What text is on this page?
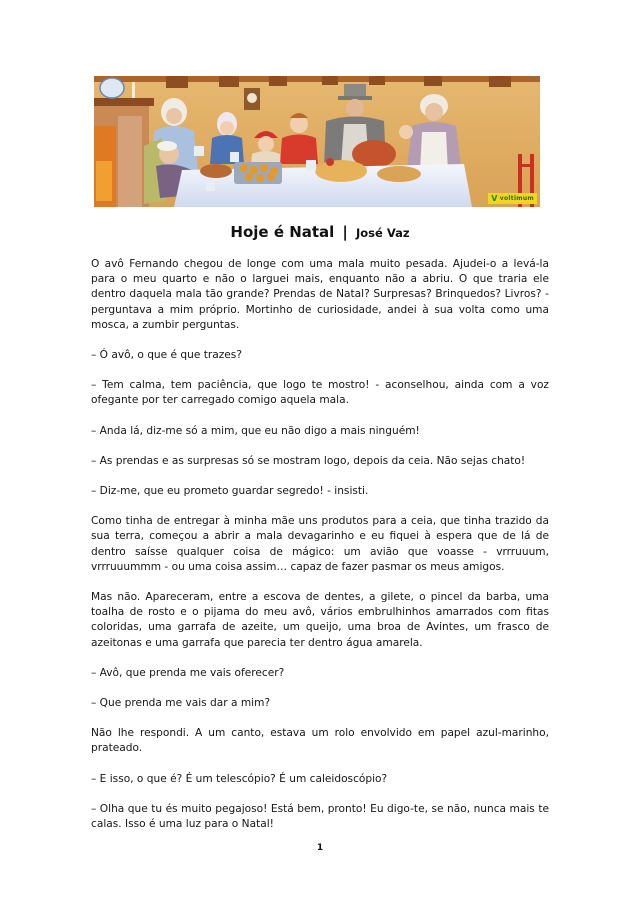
V voltimum
Hoje é Natal | José Vaz

O avô Fernando chegou de longe com uma mala muito pesada. Ajudei-o a levá-la para o meu quarto e não o larguei mais, enquanto não a abriu. O que traria ele dentro daquela mala tão grande? Prendas de Natal? Surpresas? Brinquedos? Livros? - perguntava a mim próprio. Mortinho de curiosidade, andei à sua volta como uma mosca, a zumbir perguntas.

– Ó avô, o que é que trazes?

– Tem calma, tem paciência, que logo te mostro! - aconselhou, ainda com a voz ofegante por ter carregado comigo aquela mala.

– Anda lá, diz-me só a mim, que eu não digo a mais ninguém!

– As prendas e as surpresas só se mostram logo, depois da ceia. Não sejas chato!

– Diz-me, que eu prometo guardar segredo! - insisti.

Como tinha de entregar à minha mãe uns produtos para a ceia, que tinha trazido da sua terra, começou a abrir a mala devagarinho e eu fiquei à espera que de lá de dentro saísse qualquer coisa de mágico: um avião que voasse - vrrruuum, vrrruuummm - ou uma coisa assim… capaz de fazer pasmar os meus amigos.

Mas não. Apareceram, entre a escova de dentes, a gilete, o pincel da barba, uma toalha de rosto e o pijama do meu avô, vários embrulhinhos amarrados com fitas coloridas, uma garrafa de azeite, um queijo, uma broa de Avintes, um frasco de azeitonas e uma garrafa que parecia ter dentro água amarela.

– Avô, que prenda me vais oferecer?

– Que prenda me vais dar a mim?

Não lhe respondi. A um canto, estava um rolo envolvido em papel azul-marinho, prateado.

– E isso, o que é? É um telescópio? É um caleidoscópio?

– Olha que tu és muito pegajoso! Está bem, pronto! Eu digo-te, se não, nunca mais te calas. Isso é uma luz para o Natal!

1
